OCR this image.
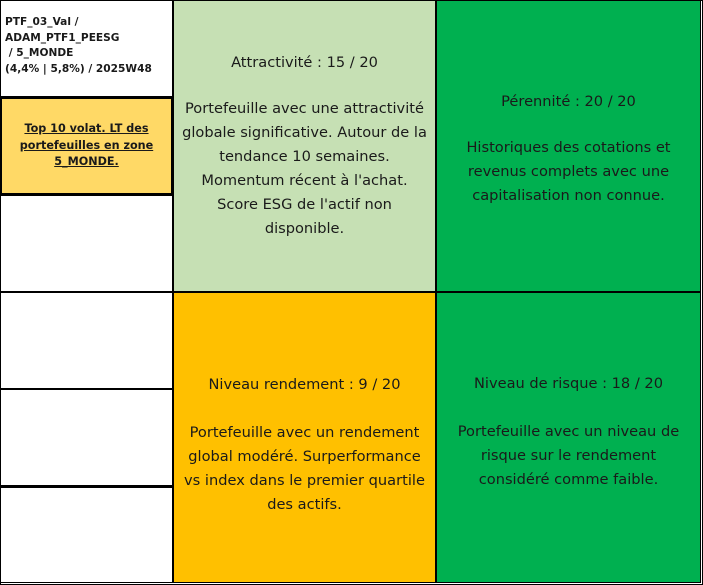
PTF_03_Val /
ADAM_PTF1_PEESG
/ 5_MONDE
(4,4% | 5,8%) / 2025W48
Top 10 volat. LT des portefeuilles en zone 5_MONDE.
Attractivité : 15 / 20
Portefeuille avec une attractivité globale significative. Autour de la tendance 10 semaines. Momentum récent à l'achat. Score ESG de l'actif non disponible.
Pérennité : 20 / 20
Historiques des cotations et revenus complets avec une capitalisation non connue.
Niveau rendement : 9 / 20
Portefeuille avec un rendement global modéré. Surperformance vs index dans le premier quartile des actifs.
Niveau de risque : 18 / 20
Portefeuille avec un niveau de risque sur le rendement considéré comme faible.
